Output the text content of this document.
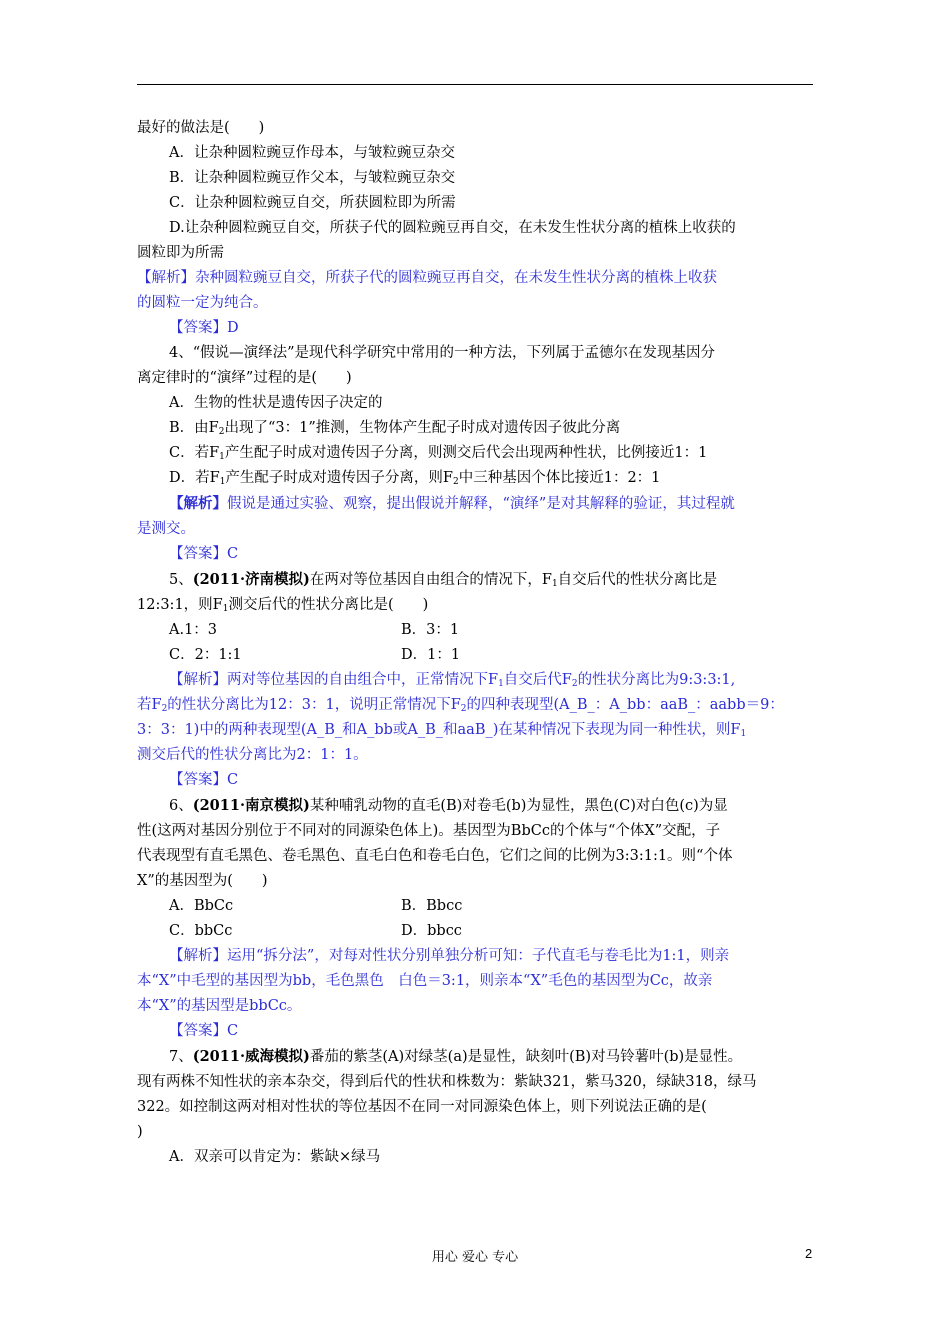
最好的做法是(　　)

A．让杂种圆粒豌豆作母本，与皱粒豌豆杂交

B．让杂种圆粒豌豆作父本，与皱粒豌豆杂交

C．让杂种圆粒豌豆自交，所获圆粒即为所需

D.让杂种圆粒豌豆自交，所获子代的圆粒豌豆再自交，在未发生性状分离的植株上收获的

圆粒即为所需

【解析】杂种圆粒豌豆自交，所获子代的圆粒豌豆再自交，在未发生性状分离的植株上收获

的圆粒一定为纯合。

【答案】D

4、“假说—演绎法”是现代科学研究中常用的一种方法，下列属于孟德尔在发现基因分

离定律时的“演绎”过程的是(　　)

A．生物的性状是遗传因子决定的

B．由$F_2$出现了“3：1”推测，生物体产生配子时成对遗传因子彼此分离

C．若$F_1$产生配子时成对遗传因子分离，则测交后代会出现两种性状，比例接近1：1

D．若$F_1$产生配子时成对遗传因子分离，则$F_2$中三种基因个体比接近1：2：1

【解析】假说是通过实验、观察，提出假说并解释，“演绎”是对其解释的验证，其过程就

是测交。

【答案】C

5、(2011·济南模拟)在两对等位基因自由组合的情况下，$F_1$自交后代的性状分离比是

12:3:1，则$F_1$测交后代的性状分离比是(　　)

A.1：3	B．3：1
C．2：1:1	D．1：1

【解析】两对等位基因的自由组合中，正常情况下$F_1$自交后代$F_2$的性状分离比为9:3:3:1,

若$F_2$的性状分离比为12：3：1，说明正常情况下$F_2$的四种表现型(A_B_：A_bb：aaB_：aabb＝9：

3：3：1)中的两种表现型(A_B_和A_bb或A_B_和aaB_)在某种情况下表现为同一种性状，则$F_1$

测交后代的性状分离比为2：1：1。

【答案】C

6、(2011·南京模拟)某种哺乳动物的直毛(B)对卷毛(b)为显性，黑色(C)对白色(c)为显

性(这两对基因分别位于不同对的同源染色体上)。基因型为BbCc的个体与“个体X”交配，子

代表现型有直毛黑色、卷毛黑色、直毛白色和卷毛白色，它们之间的比例为3:3:1:1。则“个体

X”的基因型为(　　)

A．BbCc	B．Bbcc
C．bbCc	D．bbcc

【解析】运用“拆分法”，对每对性状分别单独分析可知：子代直毛与卷毛比为1:1，则亲

本“X”中毛型的基因型为bb，毛色黑色　白色＝3:1，则亲本“X”毛色的基因型为Cc，故亲

本“X”的基因型是bbCc。

【答案】C

7、(2011·威海模拟)番茄的紫茎(A)对绿茎(a)是显性，缺刻叶(B)对马铃薯叶(b)是显性。

现有两株不知性状的亲本杂交，得到后代的性状和株数为：紫缺321，紫马320，绿缺318，绿马

322。如控制这两对相对性状的等位基因不在同一对同源染色体上，则下列说法正确的是(

)

A．双亲可以肯定为：紫缺×绿马

用心 爱心 专心	2
